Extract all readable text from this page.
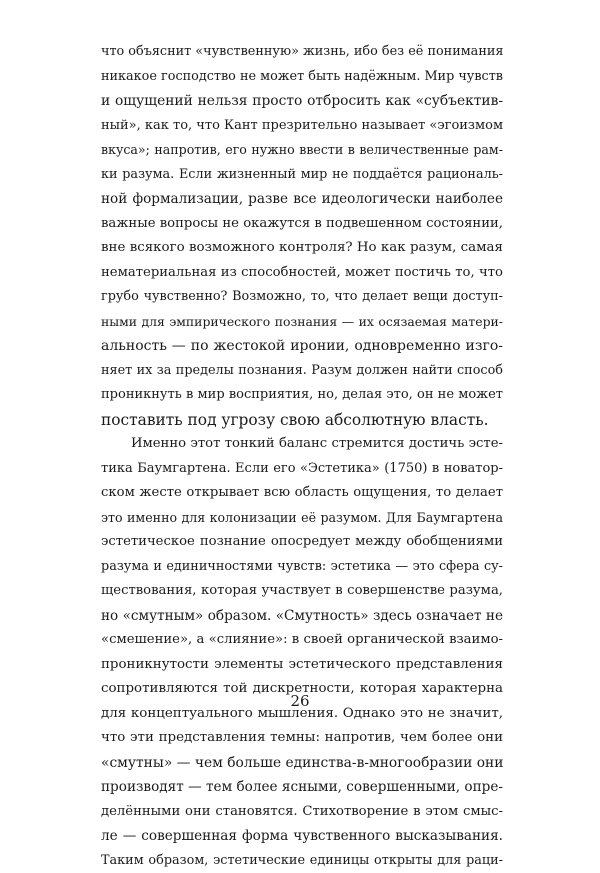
что объяснит «чувственную» жизнь, ибо без её понимания
никакое господство не может быть надёжным. Мир чувств
и ощущений нельзя просто отбросить как «субъектив-
ный», как то, что Кант презрительно называет «эгоизмом
вкуса»; напротив, его нужно ввести в величественные рам-
ки разума. Если жизненный мир не поддаётся рациональ-
ной формализации, разве все идеологически наиболее
важные вопросы не окажутся в подвешенном состоянии,
вне всякого возможного контроля? Но как разум, самая
нематериальная из способностей, может постичь то, что
грубо чувственно? Возможно, то, что делает вещи доступ-
ными для эмпирического познания — их осязаемая матери-
альность — по жестокой иронии, одновременно изго-
няет их за пределы познания. Разум должен найти способ
проникнуть в мир восприятия, но, делая это, он не может
поставить под угрозу свою абсолютную власть.
Именно этот тонкий баланс стремится достичь эсте-
тика Баумгартена. Если его «Эстетика» (1750) в новатор-
ском жесте открывает всю область ощущения, то делает
это именно для колонизации её разумом. Для Баумгартена
эстетическое познание опосредует между обобщениями
разума и единичностями чувств: эстетика — это сфера су-
ществования, которая участвует в совершенстве разума,
но «смутным» образом. «Смутность» здесь означает не
«смешение», а «слияние»: в своей органической взаимо-
проникнутости элементы эстетического представления
сопротивляются той дискретности, которая характерна
для концептуального мышления. Однако это не значит,
что эти представления темны: напротив, чем более они
«смутны» — чем больше единства-в-многообразии они
производят — тем более ясными, совершенными, опре-
делёнными они становятся. Стихотворение в этом смыс-
ле — совершенная форма чувственного высказывания.
Таким образом, эстетические единицы открыты для раци-
26
